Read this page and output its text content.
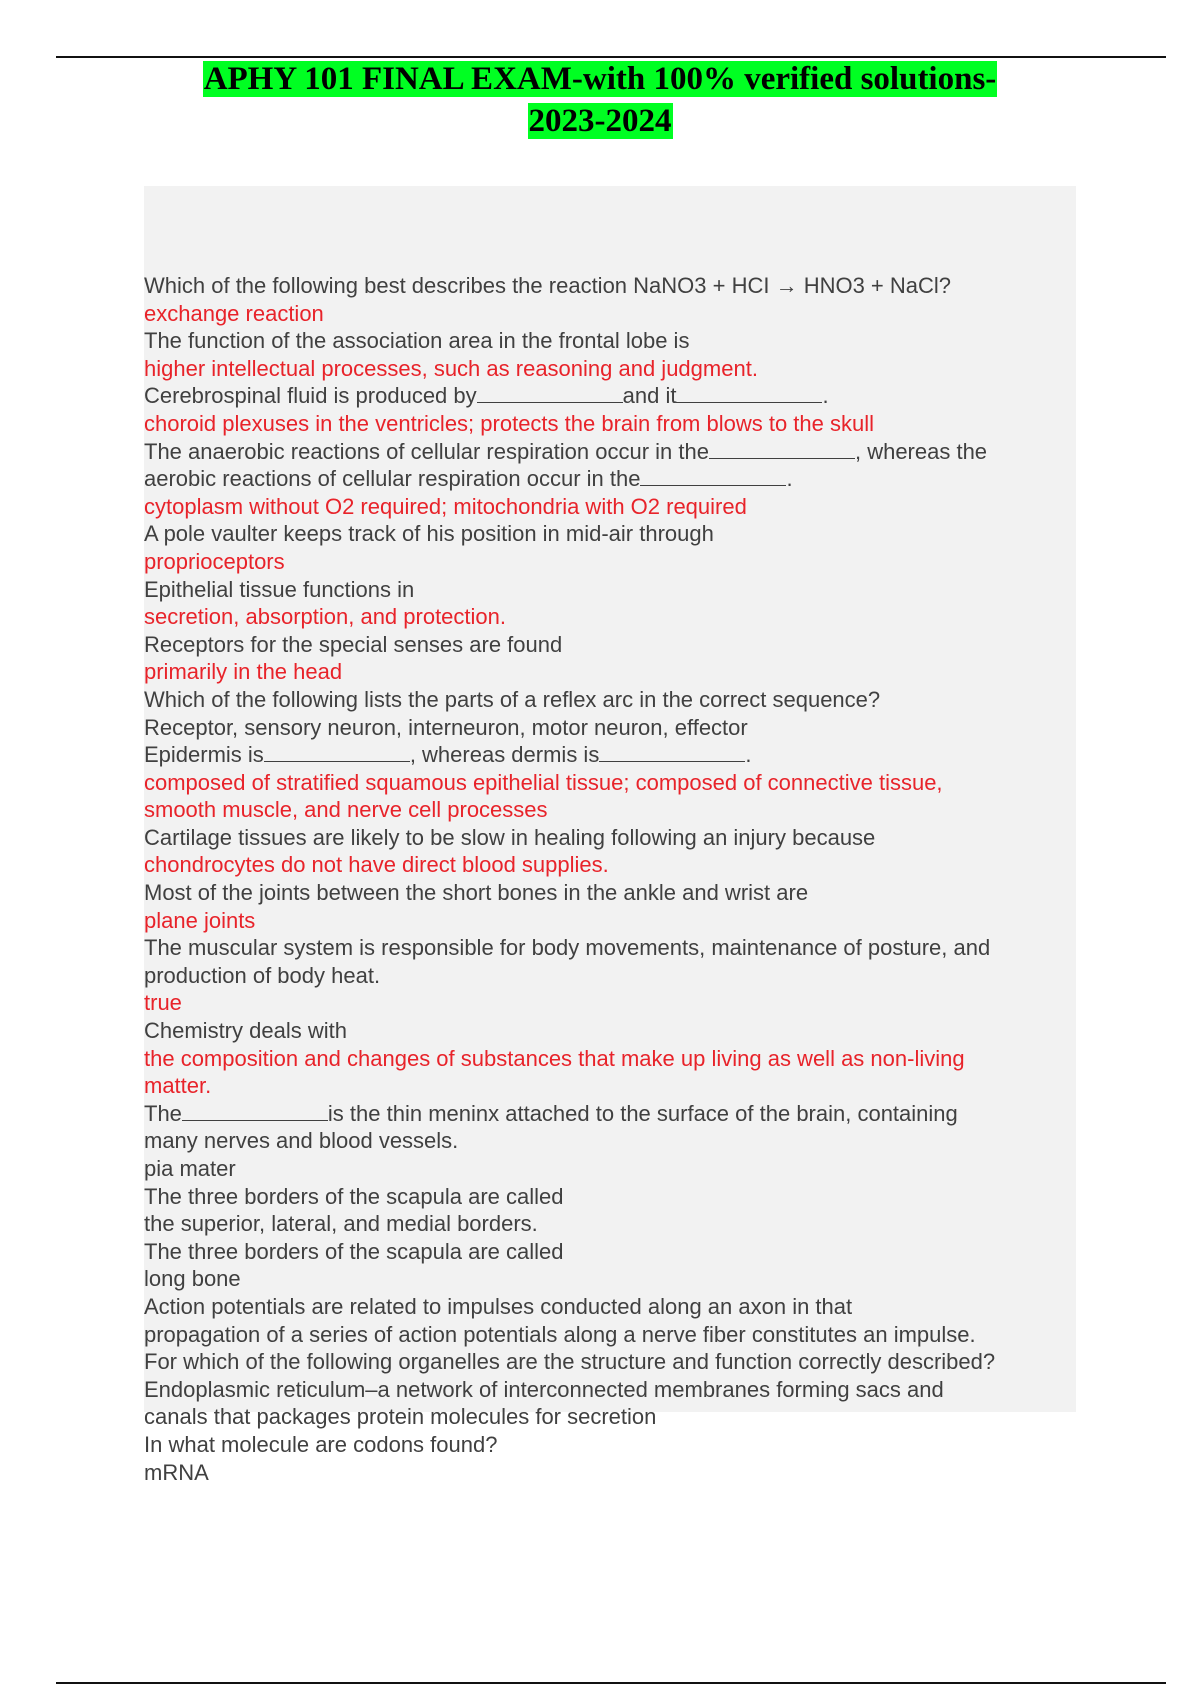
APHY 101 FINAL EXAM-with 100% verified solutions-
2023-2024
Which of the following best describes the reaction NaNO3 + HCI → HNO3 + NaCl?
exchange reaction
The function of the association area in the frontal lobe is
higher intellectual processes, such as reasoning and judgment.
Cerebrospinal fluid is produced by	and it	.
choroid plexuses in the ventricles; protects the brain from blows to the skull
The anaerobic reactions of cellular respiration occur in the	, whereas the
aerobic reactions of cellular respiration occur in the	.
cytoplasm without O2 required; mitochondria with O2 required
A pole vaulter keeps track of his position in mid-air through
proprioceptors
Epithelial tissue functions in
secretion, absorption, and protection.
Receptors for the special senses are found
primarily in the head
Which of the following lists the parts of a reflex arc in the correct sequence?
Receptor, sensory neuron, interneuron, motor neuron, effector
Epidermis is	, whereas dermis is	.
composed of stratified squamous epithelial tissue; composed of connective tissue,
smooth muscle, and nerve cell processes
Cartilage tissues are likely to be slow in healing following an injury because
chondrocytes do not have direct blood supplies.
Most of the joints between the short bones in the ankle and wrist are
plane joints
The muscular system is responsible for body movements, maintenance of posture, and
production of body heat.
true
Chemistry deals with
the composition and changes of substances that make up living as well as non-living
matter.
The	is the thin meninx attached to the surface of the brain, containing
many nerves and blood vessels.
pia mater
The three borders of the scapula are called
the superior, lateral, and medial borders.
The three borders of the scapula are called
long bone
Action potentials are related to impulses conducted along an axon in that
propagation of a series of action potentials along a nerve fiber constitutes an impulse.
For which of the following organelles are the structure and function correctly described?
Endoplasmic reticulum–a network of interconnected membranes forming sacs and
canals that packages protein molecules for secretion
In what molecule are codons found?
mRNA
